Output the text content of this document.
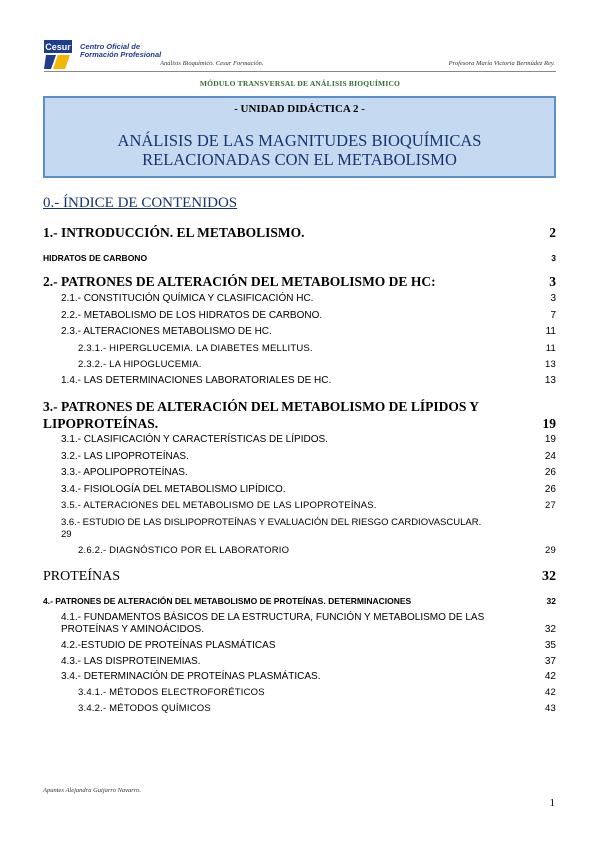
Cesur Centro Oficial de
Formación Profesional
Análisis Bioquímico. Cesur Formación.	Profesora María Victoria Bermúdez Rey.
MÓDULO TRANSVERSAL DE ANÁLISIS BIOQUÍMICO
- UNIDAD DIDÁCTICA 2 -
ANÁLISIS DE LAS MAGNITUDES BIOQUÍMICAS
RELACIONADAS CON EL METABOLISMO
0.- ÍNDICE DE CONTENIDOS
1.- INTRODUCCIÓN. EL METABOLISMO.	2
HIDRATOS DE CARBONO	3
2.- PATRONES DE ALTERACIÓN DEL METABOLISMO DE HC:	3
2.1.- CONSTITUCIÓN QUÍMICA Y CLASIFICACIÓN HC.	3
2.2.- METABOLISMO DE LOS HIDRATOS DE CARBONO.	7
2.3.- ALTERACIONES METABOLISMO DE HC.	11
2.3.1.- HIPERGLUCEMIA. LA DIABETES MELLITUS.	11
2.3.2.- LA HIPOGLUCEMIA.	13
1.4.- LAS DETERMINACIONES LABORATORIALES DE HC.	13
3.- PATRONES DE ALTERACIÓN DEL METABOLISMO DE LÍPIDOS Y
LIPOPROTEÍNAS.	19
3.1.- CLASIFICACIÓN Y CARACTERÍSTICAS DE LÍPIDOS.	19
3.2.- LAS LIPOPROTEÍNAS.	24
3.3.- APOLIPOPROTEÍNAS.	26
3.4.- FISIOLOGÍA DEL METABOLISMO LIPÍDICO.	26
3.5.- ALTERACIONES DEL METABOLISMO DE LAS LIPOPROTEÍNAS.	27
3.6.- ESTUDIO DE LAS DISLIPOPROTEÍNAS Y EVALUACIÓN DEL RIESGO CARDIOVASCULAR.
29
2.6.2.- DIAGNÓSTICO POR EL LABORATORIO	29
PROTEÍNAS	32
4.- PATRONES DE ALTERACIÓN DEL METABOLISMO DE PROTEÍNAS. DETERMINACIONES	32
4.1.- FUNDAMENTOS BÁSICOS DE LA ESTRUCTURA, FUNCIÓN Y METABOLISMO DE LAS
PROTEÍNAS Y AMINOÁCIDOS.	32
4.2.-ESTUDIO DE PROTEÍNAS PLASMÁTICAS	35
4.3.- LAS DISPROTEINEMIAS.	37
3.4.- DETERMINACIÓN DE PROTEÍNAS PLASMÁTICAS.	42
3.4.1.- MÉTODOS ELECTROFORÉTICOS	42
3.4.2.- MÉTODOS QUÍMICOS	43
Apuntes Alejandra Guijarro Navarro.
1
